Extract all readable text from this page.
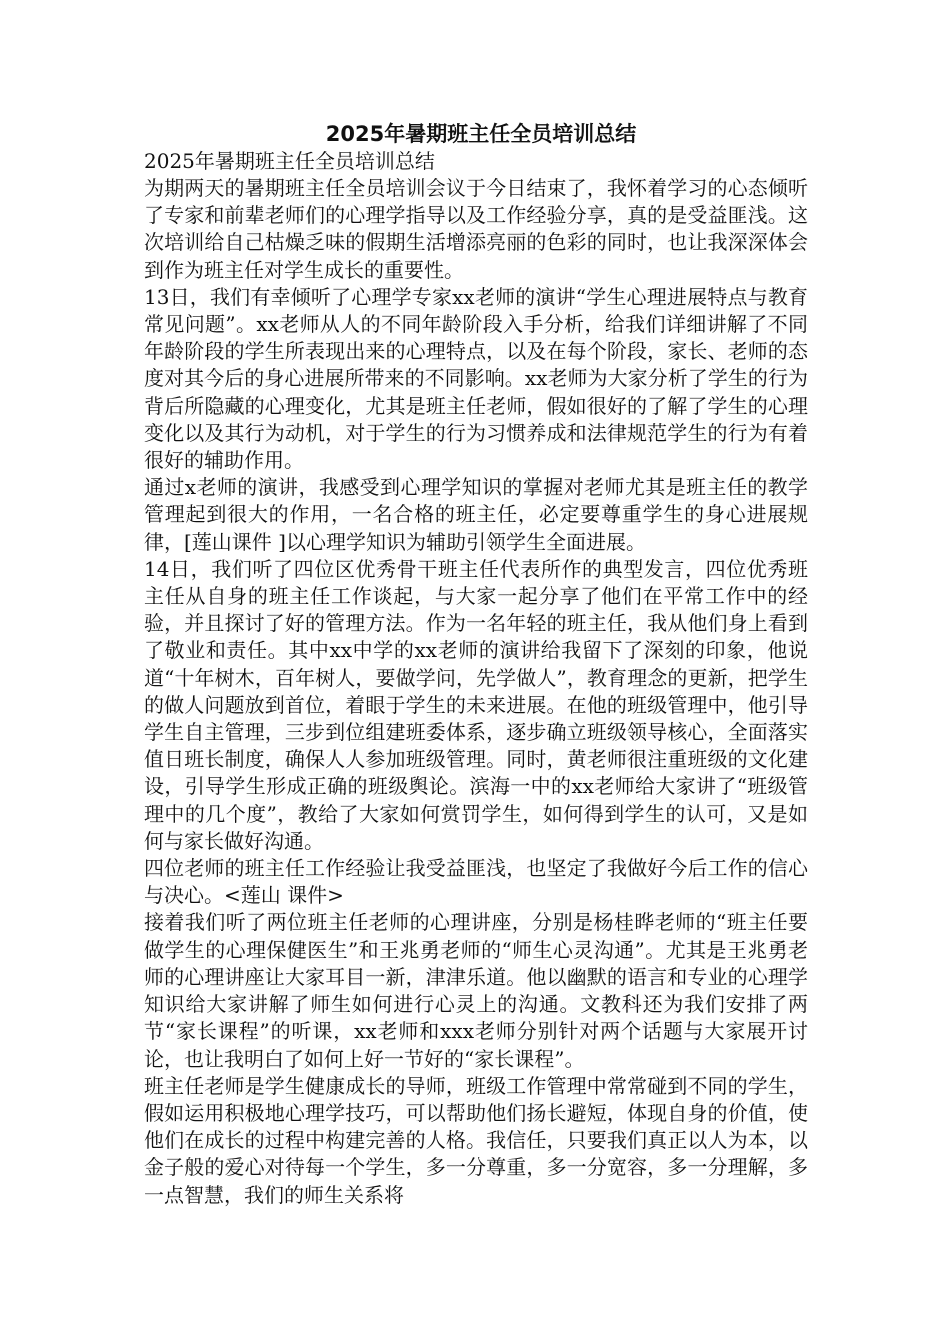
2025年暑期班主任全员培训总结

2025年暑期班主任全员培训总结

为期两天的暑期班主任全员培训会议于今日结束了，我怀着学习的心态倾听了专家和前辈老师们的心理学指导以及工作经验分享，真的是受益匪浅。这次培训给自己枯燥乏味的假期生活增添亮丽的色彩的同时，也让我深深体会到作为班主任对学生成长的重要性。

13日，我们有幸倾听了心理学专家xx老师的演讲“学生心理进展特点与教育常见问题”。xx老师从人的不同年龄阶段入手分析，给我们详细讲解了不同年龄阶段的学生所表现出来的心理特点，以及在每个阶段，家长、老师的态度对其今后的身心进展所带来的不同影响。xx老师为大家分析了学生的行为背后所隐藏的心理变化，尤其是班主任老师，假如很好的了解了学生的心理变化以及其行为动机，对于学生的行为习惯养成和法律规范学生的行为有着很好的辅助作用。

通过x老师的演讲，我感受到心理学知识的掌握对老师尤其是班主任的教学管理起到很大的作用，一名合格的班主任，必定要尊重学生的身心进展规律，[莲山课件 ]以心理学知识为辅助引领学生全面进展。

14日，我们听了四位区优秀骨干班主任代表所作的典型发言，四位优秀班主任从自身的班主任工作谈起，与大家一起分享了他们在平常工作中的经验，并且探讨了好的管理方法。作为一名年轻的班主任，我从他们身上看到了敬业和责任。其中xx中学的xx老师的演讲给我留下了深刻的印象，他说道“十年树木，百年树人，要做学问，先学做人”，教育理念的更新，把学生的做人问题放到首位，着眼于学生的未来进展。在他的班级管理中，他引导学生自主管理，三步到位组建班委体系，逐步确立班级领导核心，全面落实值日班长制度，确保人人参加班级管理。同时，黄老师很注重班级的文化建设，引导学生形成正确的班级舆论。滨海一中的xx老师给大家讲了“班级管理中的几个度”，教给了大家如何赏罚学生，如何得到学生的认可，又是如何与家长做好沟通。

四位老师的班主任工作经验让我受益匪浅，也坚定了我做好今后工作的信心与决心。<莲山 课件>

接着我们听了两位班主任老师的心理讲座，分别是杨桂晔老师的“班主任要做学生的心理保健医生”和王兆勇老师的“师生心灵沟通”。尤其是王兆勇老师的心理讲座让大家耳目一新，津津乐道。他以幽默的语言和专业的心理学知识给大家讲解了师生如何进行心灵上的沟通。文教科还为我们安排了两节“家长课程”的听课，xx老师和xxx老师分别针对两个话题与大家展开讨论，也让我明白了如何上好一节好的“家长课程”。

班主任老师是学生健康成长的导师，班级工作管理中常常碰到不同的学生，假如运用积极地心理学技巧，可以帮助他们扬长避短，体现自身的价值，使他们在成长的过程中构建完善的人格。我信任，只要我们真正以人为本，以金子般的爱心对待每一个学生，多一分尊重，多一分宽容，多一分理解，多一点智慧，我们的师生关系将
